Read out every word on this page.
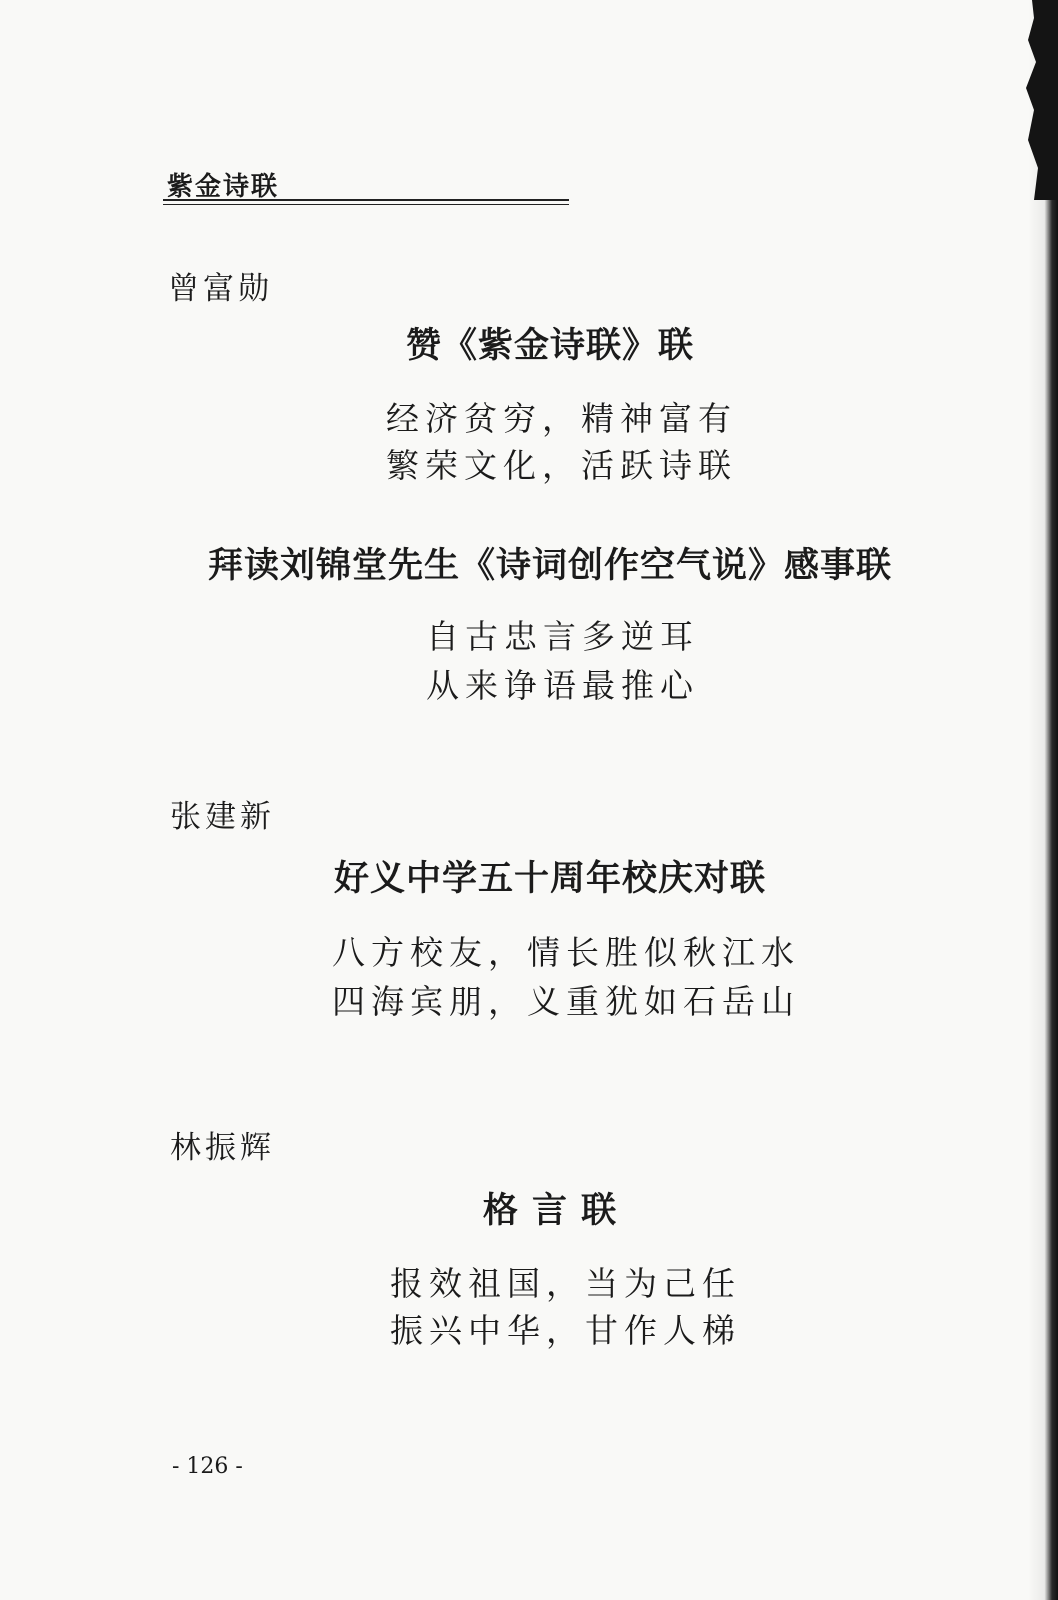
紫金诗联
曾富勋
赞《紫金诗联》联
经济贫穷，精神富有
繁荣文化，活跃诗联
拜读刘锦堂先生《诗词创作空气说》感事联
自古忠言多逆耳
从来诤语最推心
张建新
好义中学五十周年校庆对联
八方校友，情长胜似秋江水
四海宾朋，义重犹如石岳山
林振辉
格 言 联
报效祖国，当为己任
振兴中华，甘作人梯
- 126 -
